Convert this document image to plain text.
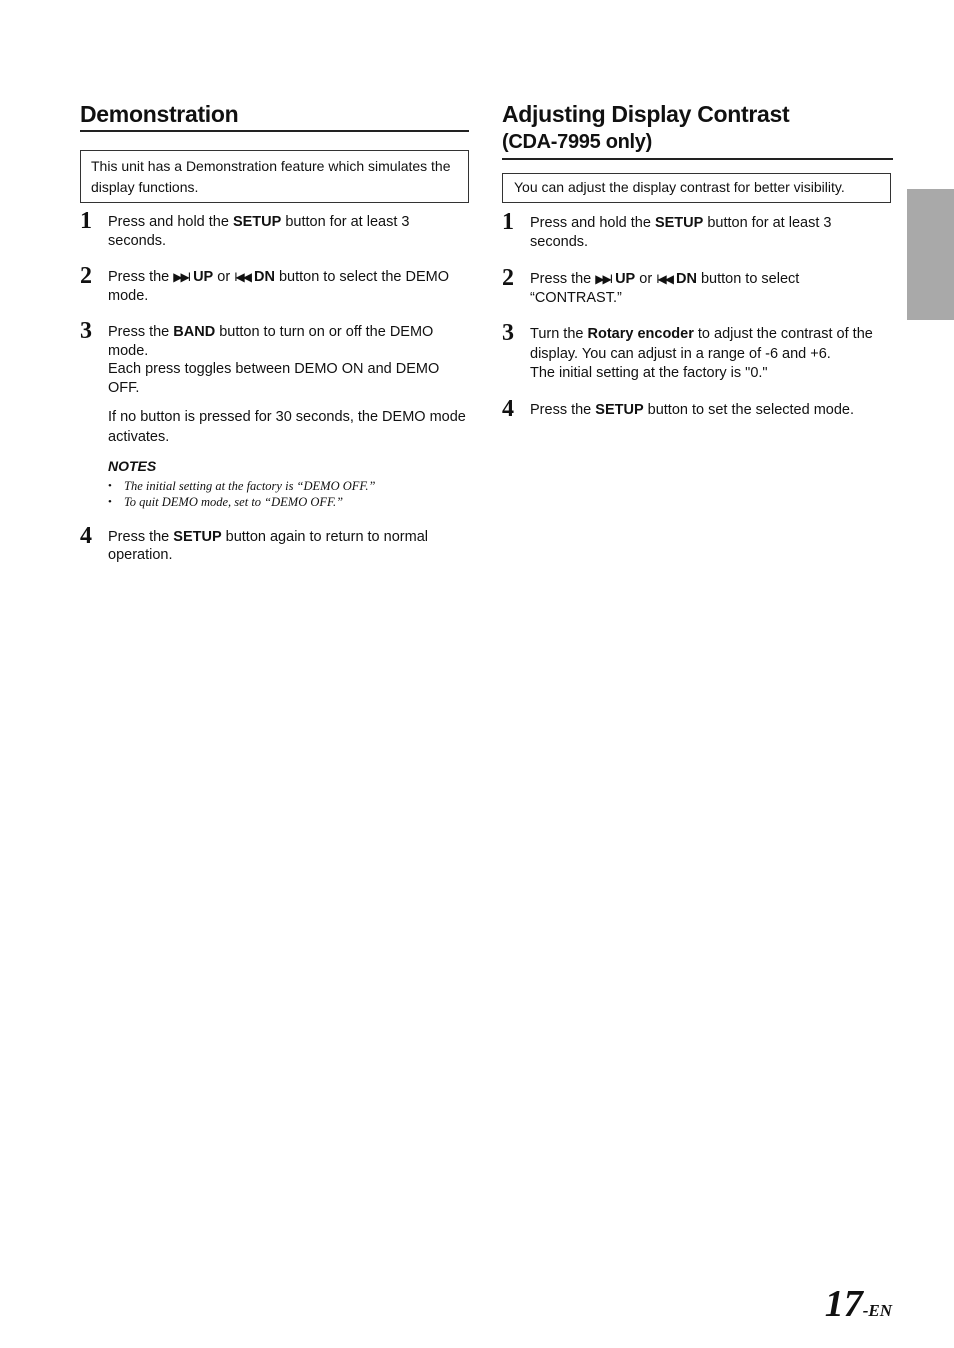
Demonstration
This unit has a Demonstration feature which simulates the display functions.
1 Press and hold the SETUP button for at least 3 seconds.

2 Press the ▶▶I UP or I◀◀ DN button to select the DEMO mode.

3 Press the BAND button to turn on or off the DEMO mode.

Each press toggles between DEMO ON and DEMO OFF.

If no button is pressed for 30 seconds, the DEMO mode activates.

NOTES
• The initial setting at the factory is “DEMO OFF.”
• To quit DEMO mode, set to “DEMO OFF.”
4 Press the SETUP button again to return to normal operation.

Adjusting Display Contrast
(CDA-7995 only)
You can adjust the display contrast for better visibility.
1 Press and hold the SETUP button for at least 3 seconds.

2 Press the ▶▶I UP or I◀◀ DN button to select “CONTRAST.”

3 Turn the Rotary encoder to adjust the contrast of the display. You can adjust in a range of -6 and +6.

The initial setting at the factory is "0."

4 Press the SETUP button to set the selected mode.

17-EN
